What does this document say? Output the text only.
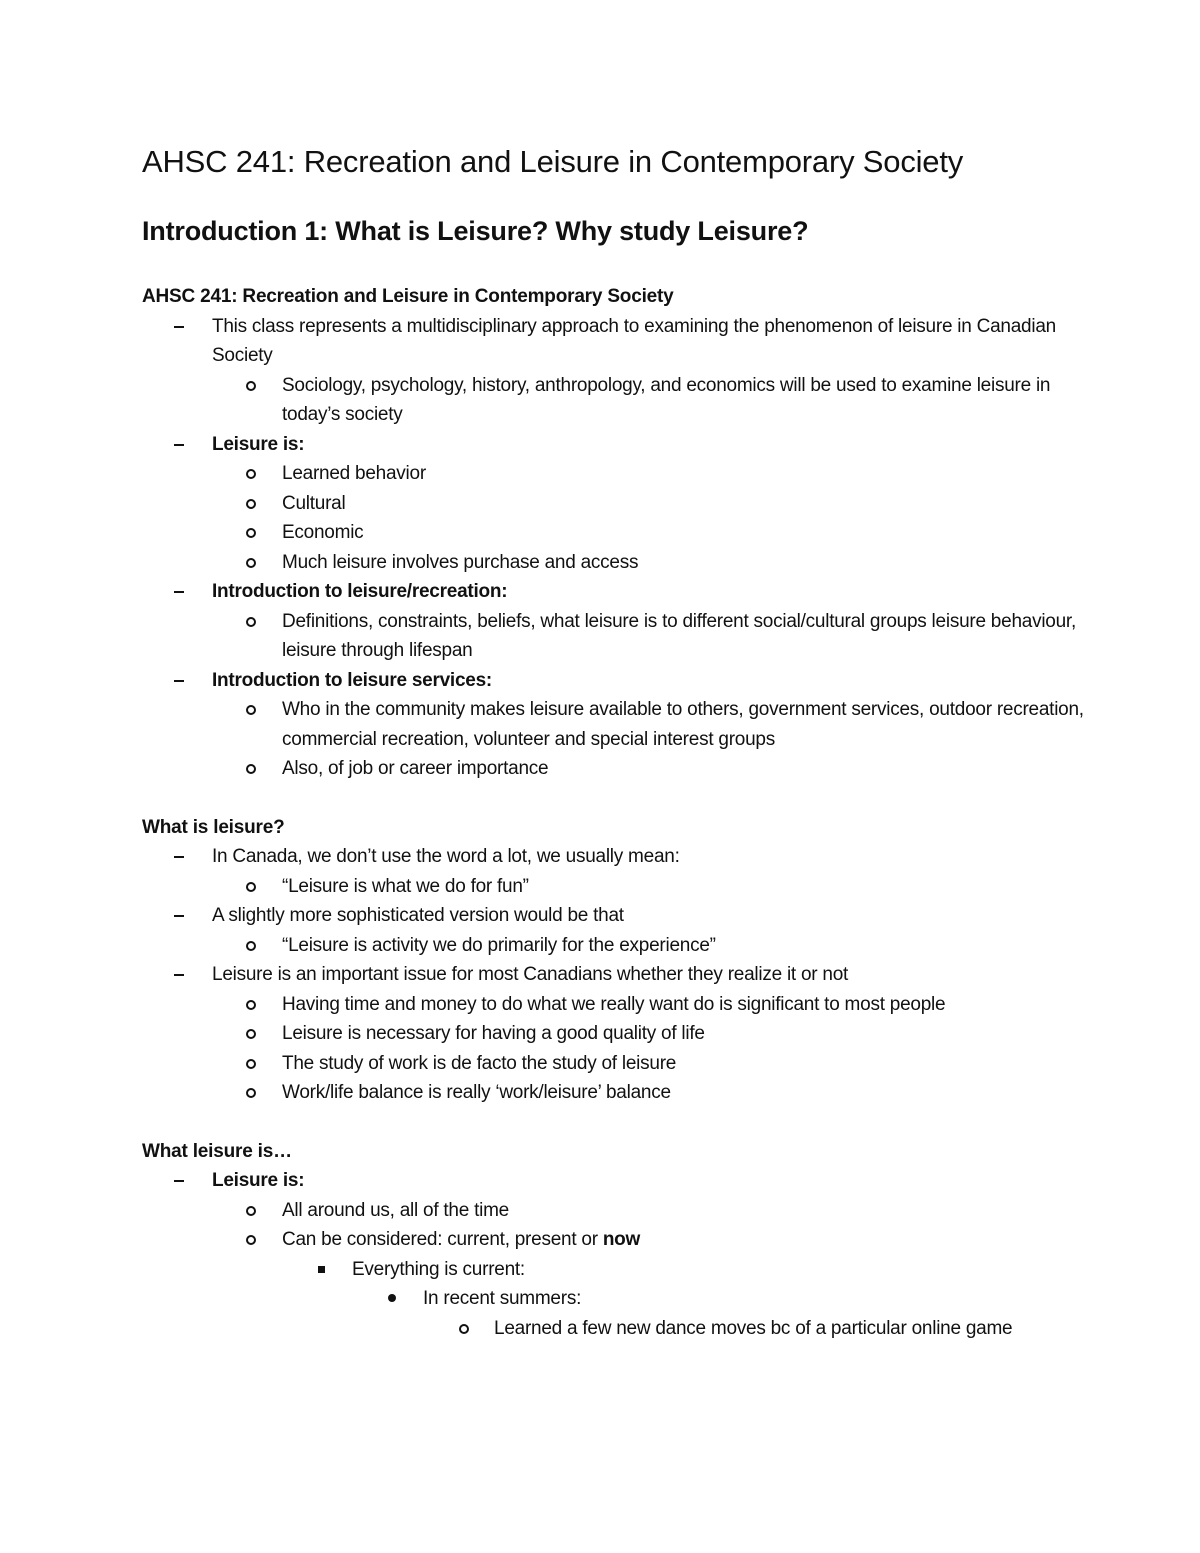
AHSC 241: Recreation and Leisure in Contemporary Society
Introduction 1: What is Leisure? Why study Leisure?
AHSC 241: Recreation and Leisure in Contemporary Society
This class represents a multidisciplinary approach to examining the phenomenon of leisure in Canadian Society
Sociology, psychology, history, anthropology, and economics will be used to examine leisure in today’s society
Leisure is:
Learned behavior
Cultural
Economic
Much leisure involves purchase and access
Introduction to leisure/recreation:
Definitions, constraints, beliefs, what leisure is to different social/cultural groups leisure behaviour, leisure through lifespan
Introduction to leisure services:
Who in the community makes leisure available to others, government services, outdoor recreation, commercial recreation, volunteer and special interest groups
Also, of job or career importance
What is leisure?
In Canada, we don’t use the word a lot, we usually mean:
“Leisure is what we do for fun”
A slightly more sophisticated version would be that
“Leisure is activity we do primarily for the experience”
Leisure is an important issue for most Canadians whether they realize it or not
Having time and money to do what we really want do is significant to most people
Leisure is necessary for having a good quality of life
The study of work is de facto the study of leisure
Work/life balance is really ‘work/leisure’ balance
What leisure is…
Leisure is:
All around us, all of the time
Can be considered: current, present or now
Everything is current:
In recent summers:
Learned a few new dance moves bc of a particular online game
